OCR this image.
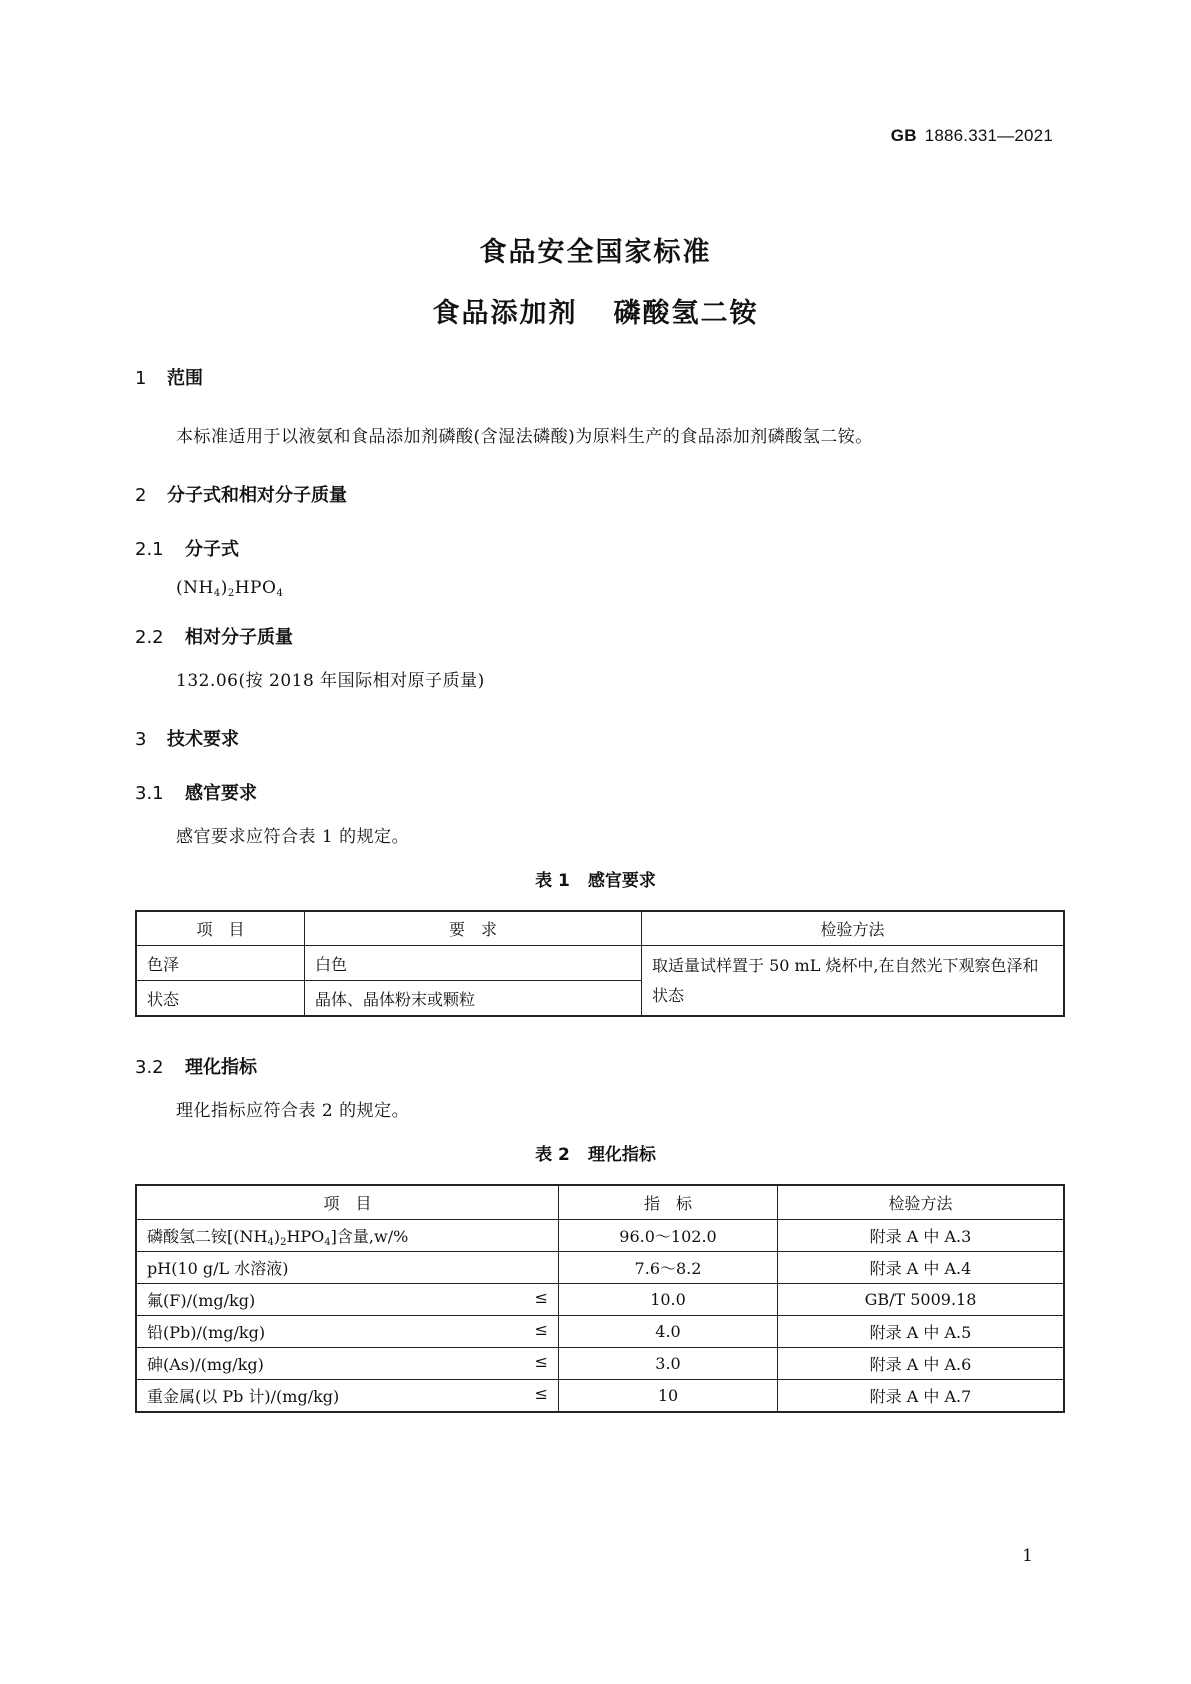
GB 1886.331—2021
食品安全国家标准
食品添加剂 磷酸氢二铵
1 范围
本标准适用于以液氨和食品添加剂磷酸(含湿法磷酸)为原料生产的食品添加剂磷酸氢二铵。
2 分子式和相对分子质量
2.1 分子式
$(NH_4)_2HPO_4$
2.2 相对分子质量
132.06(按 2018 年国际相对原子质量)
3 技术要求
3.1 感官要求
感官要求应符合表 1 的规定。
表 1 感官要求
项　目	要　求	检验方法
色泽	白色	取适量试样置于 50 mL 烧杯中,在自然光下观察色泽和状态
状态	晶体、晶体粉末或颗粒	
3.2 理化指标
理化指标应符合表 2 的规定。
表 2 理化指标
项　目	指　标	检验方法
磷酸氢二铵$[(NH_4)_2HPO_4]$含量,w/%	96.0～102.0	附录 A 中 A.3
pH(10 g/L 水溶液)	7.6～8.2	附录 A 中 A.4
氟(F)/(mg/kg) ≤	10.0	GB/T 5009.18
铅(Pb)/(mg/kg) ≤	4.0	附录 A 中 A.5
砷(As)/(mg/kg) ≤	3.0	附录 A 中 A.6
重金属(以 Pb 计)/(mg/kg) ≤	10	附录 A 中 A.7
1
